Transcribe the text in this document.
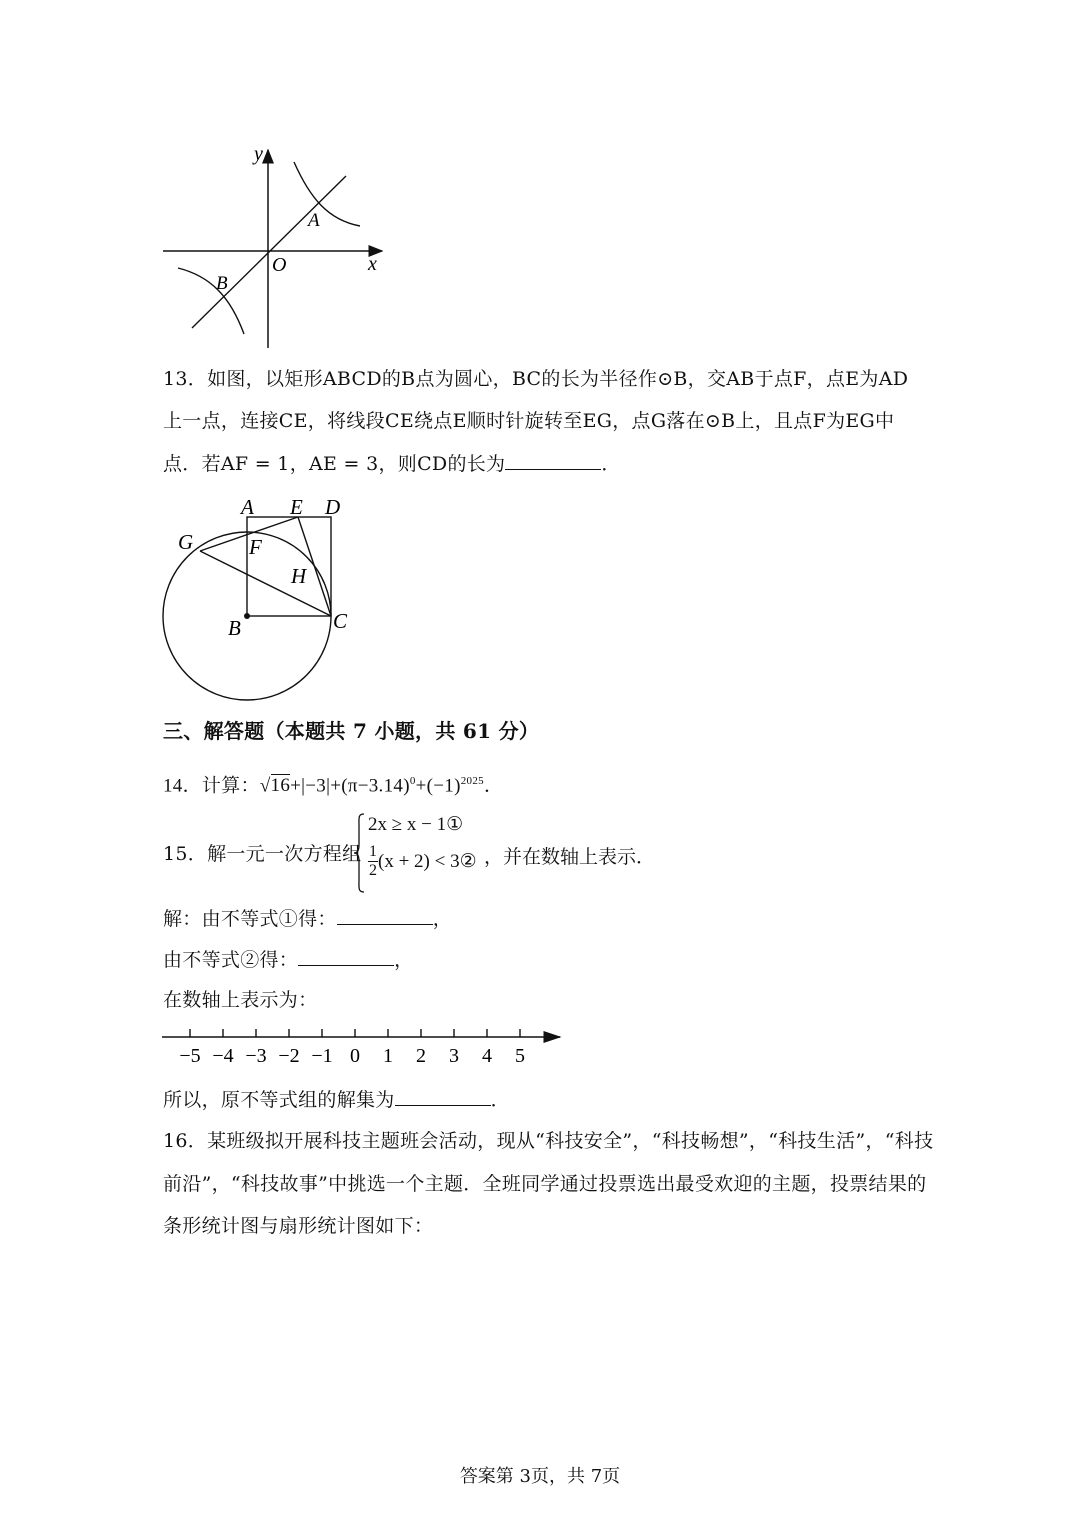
y
x
O
A
B
13．如图，以矩形ABCD的B点为圆心，BC的长为半径作⊙B，交AB于点F，点E为AD
上一点，连接CE，将线段CE绕点E顺时针旋转至EG，点G落在⊙B上，且点F为EG中
点．若AF = 1，AE = 3，则CD的长为	．
A E D
G	F
H
B	C
三、解答题（本题共 7 小题，共 61 分）
14．计算：$√16+|-3|+(\pi-3.14)^0+(-1)^{2025}$．
15．解一元一次方程组
2x ≥ x − 1①
$\frac{1}{2} (x + 2)$ < 3② ，并在数轴上表示．
解：由不等式①得：	，
由不等式②得：	，
在数轴上表示为：
−5 −4 −3 −2 −1 0 1 2 3 4 5
所以，原不等式组的解集为	．
16．某班级拟开展科技主题班会活动，现从“科技安全”，“科技畅想”，“科技生活”，“科技
前沿”，“科技故事”中挑选一个主题．全班同学通过投票选出最受欢迎的主题，投票结果的
条形统计图与扇形统计图如下：
答案第 3页，共 7页
